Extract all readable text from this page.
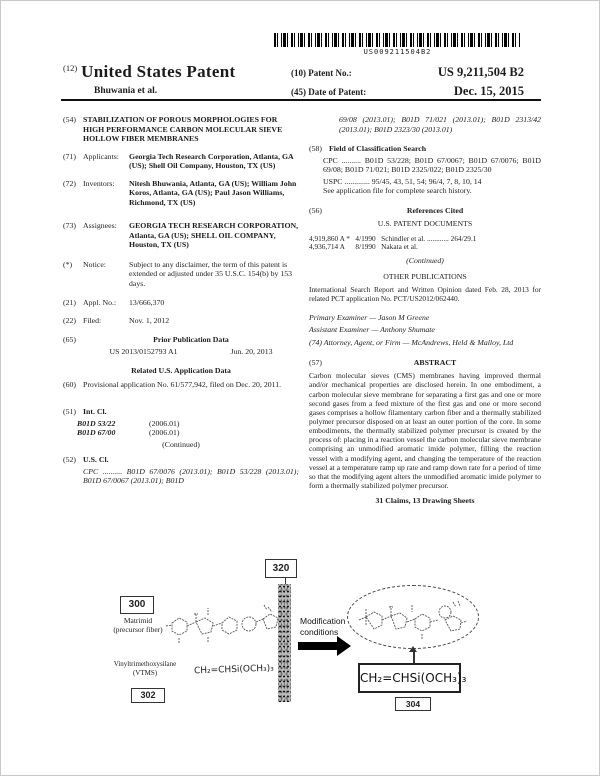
US009211504B2
$^{(12)}$ United States Patent
Bhuwania et al.
(10) Patent No.:	US 9,211,504 B2
(45) Date of Patent:	Dec. 15, 2015
(54) STABILIZATION OF POROUS MORPHOLOGIES FOR HIGH PERFORMANCE CARBON MOLECULAR SIEVE HOLLOW FIBER MEMBRANES
(71) Applicants:	Georgia Tech Research Corporation, Atlanta, GA (US); Shell Oil Company, Houston, TX (US)
(72) Inventors:	Nitesh Bhuwania, Atlanta, GA (US); William John Koros, Atlanta, GA (US); Paul Jason Williams, Richmond, TX (US)
(73) Assignees:	GEORGIA TECH RESEARCH CORPORATION, Atlanta, GA (US); SHELL OIL COMPANY, Houston, TX (US)
(*)	Notice:	Subject to any disclaimer, the term of this patent is extended or adjusted under 35 U.S.C. 154(b) by 153 days.
(21) Appl. No.:	13/666,370
(22) Filed:	Nov. 1, 2012
(65)	Prior Publication Data
US 2013/0152793 A1	Jun. 20, 2013
Related U.S. Application Data
(60) Provisional application No. 61/577,942, filed on Dec. 20, 2011.
(51) Int. Cl.
B01D 53/22	(2006.01)
B01D 67/00	(2006.01)
(Continued)
(52) U.S. Cl.
CPC .......... B01D 67/0076 (2013.01); B01D 53/228 (2013.01); B01D 67/0067 (2013.01); B01D
69/08 (2013.01); B01D 71/021 (2013.01); B01D 2313/42 (2013.01); B01D 2323/30 (2013.01)
(58) Field of Classification Search
CPC .......... B01D 53/228; B01D 67/0067; B01D 67/0076; B01D 69/08; B01D 71/021; B01D 2325/022; B01D 2325/30
USPC ............. 95/45, 43, 51, 54; 96/4, 7, 8, 10, 14
See application file for complete search history.
(56)	References Cited
U.S. PATENT DOCUMENTS
4,919,860 A *   4/1990   Schindler et al. ............ 264/29.1
4,936,714 A      8/1990   Nakata et al.
(Continued)
OTHER PUBLICATIONS
International Search Report and Written Opinion dated Feb. 28, 2013 for related PCT application No. PCT/US2012/062440.
Primary Examiner — Jason M Greene
Assistant Examiner — Anthony Shumate
(74) Attorney, Agent, or Firm — McAndrews, Held & Malloy, Ltd
(57)	ABSTRACT
Carbon molecular sieves (CMS) membranes having improved thermal and/or mechanical properties are disclosed herein. In one embodiment, a carbon molecular sieve membrane for separating a first gas and one or more second gases from a feed mixture of the first gas and one or more second gases comprises a hollow filamentary carbon fiber and a thermally stabilized polymer precursor disposed on at least an outer portion of the core. In some embodiments, the thermally stabilized polymer precursor is created by the process of: placing in a reaction vessel the carbon molecular sieve membrane comprising an unmodified aromatic imide polymer, filling the reaction vessel with a modifying agent, and changing the temperature of the reaction vessel at a temperature ramp up rate and ramp down rate for a period of time so that the modifying agent alters the unmodified aromatic imide polymer to form a thermally stabilized polymer precursor.
31 Claims, 13 Drawing Sheets
320
300
Matrimid
(precursor fiber)
Vinyltrimethoxysilane
(VTMS)
302
CH₂=CHSi(OCH₃)₃
Modification
conditions
CH₂=CHSi(OCH₃)₃
304
